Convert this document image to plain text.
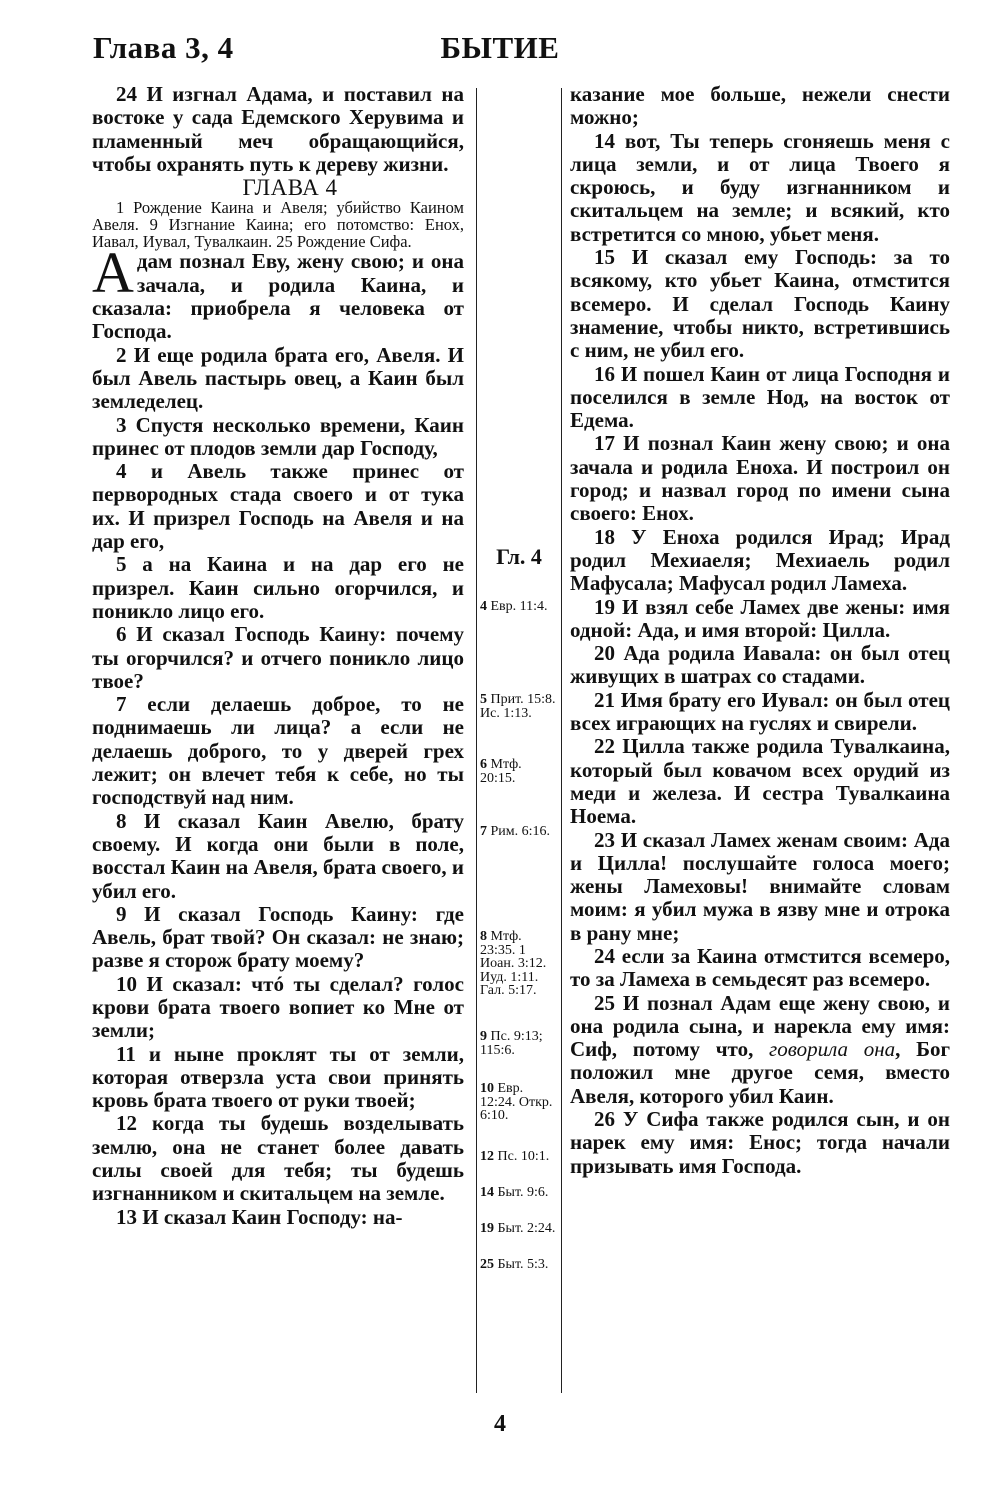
Глава 3, 4	БЫТИЕ

24 И изгнал Адама, и поставил на востоке у сада Едемского Херувима и пламенный меч обращающийся, чтобы охранять путь к дереву жизни.

ГЛАВА 4

1 Рождение Каина и Авеля; убийство Каином Авеля. 9 Изгнание Каина; его потомство: Енох, Иавал, Иувал, Тувалкаин. 25 Рождение Сифа.

Адам познал Еву, жену свою; и она зачала, и родила Каина, и сказала: приобрела я человека от Господа.

2 И еще родила брата его, Авеля. И был Авель пастырь овец, а Каин был земледелец.

3 Спустя несколько времени, Каин принес от плодов земли дар Господу,

4 и Авель также принес от первородных стада своего и от тука их. И призрел Господь на Авеля и на дар его,

5 а на Каина и на дар его не призрел. Каин сильно огорчился, и поникло лицо его.

6 И сказал Господь Каину: почему ты огорчился? и отчего поникло лицо твое?

7 если делаешь доброе, то не поднимаешь ли лица? а если не делаешь доброго, то у дверей грех лежит; он влечет тебя к себе, но ты господствуй над ним.

8 И сказал Каин Авелю, брату своему. И когда они были в поле, восстал Каин на Авеля, брата своего, и убил его.

9 И сказал Господь Каину: где Авель, брат твой? Он сказал: не знаю; разве я сторож брату моему?

10 И сказал: чтó ты сделал? голос крови брата твоего вопиет ко Мне от земли;

11 и ныне проклят ты от земли, которая отверзла уста свои принять кровь брата твоего от руки твоей;

12 когда ты будешь возделывать землю, она не станет более давать силы своей для тебя; ты будешь изгнанником и скитальцем на земле.

13 И сказал Каин Господу: на-

Гл. 4
4 Евр. 11:4.
5 Прит. 15:8. Ис. 1:13.
6 Мтф. 20:15.
7 Рим. 6:16.
8 Мтф. 23:35. 1 Иоан. 3:12. Иуд. 1:11. Гал. 5:17.
9 Пс. 9:13; 115:6.
10 Евр. 12:24. Откр. 6:10.
12 Пс. 10:1.
14 Быт. 9:6.
19 Быт. 2:24.
25 Быт. 5:3.

казание мое больше, нежели снести можно;

14 вот, Ты теперь сгоняешь меня с лица земли, и от лица Твоего я скроюсь, и буду изгнанником и скитальцем на земле; и всякий, кто встретится со мною, убьет меня.

15 И сказал ему Господь: за то всякому, кто убьет Каина, отмстится всемеро. И сделал Господь Каину знамение, чтобы никто, встретившись с ним, не убил его.

16 И пошел Каин от лица Господня и поселился в земле Нод, на восток от Едема.

17 И познал Каин жену свою; и она зачала и родила Еноха. И построил он город; и назвал город по имени сына своего: Енох.

18 У Еноха родился Ирад; Ирад родил Мехиаеля; Мехиаель родил Мафусала; Мафусал родил Ламеха.

19 И взял себе Ламех две жены: имя одной: Ада, и имя второй: Цилла.

20 Ада родила Иавала: он был отец живущих в шатрах со стадами.

21 Имя брату его Иувал: он был отец всех играющих на гуслях и свирели.

22 Цилла также родила Тувалкаина, который был ковачом всех орудий из меди и железа. И сестра Тувалкаина Ноема.

23 И сказал Ламех женам своим: Ада и Цилла! послушайте голоса моего; жены Ламеховы! внимайте словам моим: я убил мужа в язву мне и отрока в рану мне;

24 если за Каина отмстится всемеро, то за Ламеха в семьдесят раз всемеро.

25 И познал Адам еще жену свою, и она родила сына, и нарекла ему имя: Сиф, потому что, говорила она, Бог положил мне другое семя, вместо Авеля, которого убил Каин.

26 У Сифа также родился сын, и он нарек ему имя: Енос; тогда начали призывать имя Господа.

4
